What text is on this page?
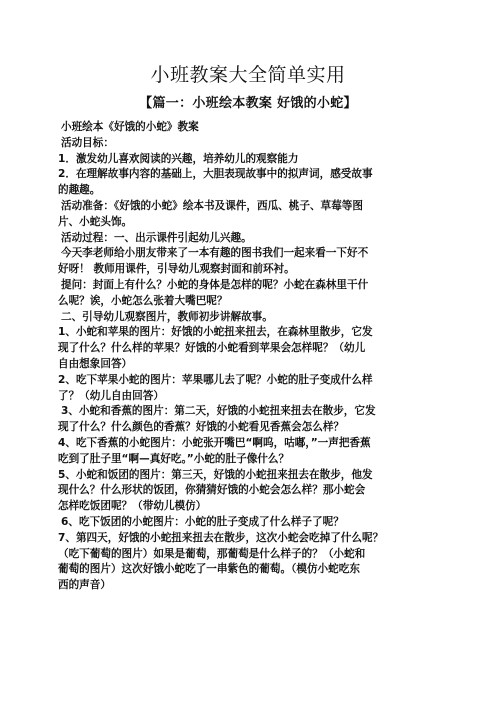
小班教案大全简单实用
【篇一：小班绘本教案 好饿的小蛇】

小班绘本《好饿的小蛇》教案

活动目标：

1．激发幼儿喜欢阅读的兴趣，培养幼儿的观察能力

2．在理解故事内容的基础上，大胆表现故事中的拟声词，感受故事

的趣趣。

活动准备：《好饿的小蛇》绘本书及课件，西瓜、桃子、草莓等图

片、小蛇头饰。

活动过程：一、出示课件引起幼儿兴趣。

今天李老师给小朋友带来了一本有趣的图书我们一起来看一下好不

好呀！ 教师用课件，引导幼儿观察封面和前环衬。

提问：封面上有什么？小蛇的身体是怎样的呢？小蛇在森林里干什

么呢？诶，小蛇怎么张着大嘴巴呢？

二、引导幼儿观察图片，教师初步讲解故事。

1、小蛇和苹果的图片：好饿的小蛇扭来扭去，在森林里散步，它发

现了什么？什么样的苹果？好饿的小蛇看到苹果会怎样呢？（幼儿

自由想象回答）

2、吃下苹果小蛇的图片：苹果哪儿去了呢？小蛇的肚子变成什么样

了？（幼儿自由回答）

3、小蛇和香蕉的图片：第二天，好饿的小蛇扭来扭去在散步，它发

现了什么？什么颜色的香蕉？好饿的小蛇看见香蕉会怎么样？

4、吃下香蕉的小蛇图片：小蛇张开嘴巴“啊呜，咕嘟，”一声把香蕉

吃到了肚子里“啊—真好吃。”小蛇的肚子像什么？

5、小蛇和饭团的图片：第三天，好饿的小蛇扭来扭去在散步，他发

现什么？什么形状的饭团，你猜猜好饿的小蛇会怎么样？那小蛇会

怎样吃饭团呢？（带幼儿模仿）

6、吃下饭团的小蛇图片：小蛇的肚子变成了什么样子了呢？

7、第四天，好饿的小蛇扭来扭去在散步，这次小蛇会吃掉了什么呢？

（吃下葡萄的图片）如果是葡萄，那葡萄是什么样子的？（小蛇和

葡萄的图片）这次好饿小蛇吃了一串紫色的葡萄。（模仿小蛇吃东

西的声音）
